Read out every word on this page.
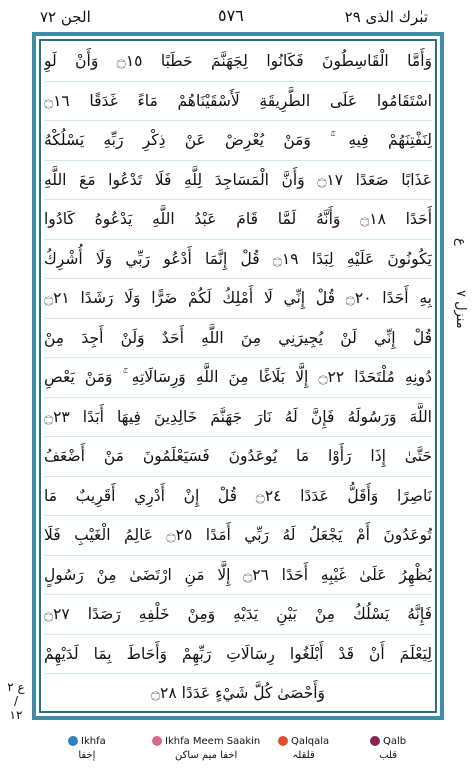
الجن ٧٢	٥٧٦	تبٰرك الذی ٢٩
وَأَمَّا الْقَاسِطُونَ فَكَانُوا لِجَهَنَّمَ حَطَبًا ۝١٥ وَأَنْ لَوِ
اسْتَقَامُوا عَلَى الطَّرِيقَةِ لَأَسْقَيْنَاهُمْ مَاءً غَدَقًا ۝١٦
لِنَفْتِنَهُمْ فِيهِ ۚ وَمَنْ يُعْرِضْ عَنْ ذِكْرِ رَبِّهِ يَسْلُكْهُ
عَذَابًا صَعَدًا ۝١٧ وَأَنَّ الْمَسَاجِدَ لِلَّهِ فَلَا تَدْعُوا مَعَ اللَّهِ
أَحَدًا ۝١٨ وَأَنَّهُ لَمَّا قَامَ عَبْدُ اللَّهِ يَدْعُوهُ كَادُوا
يَكُونُونَ عَلَيْهِ لِبَدًا ۝١٩ قُلْ إِنَّمَا أَدْعُو رَبِّي وَلَا أُشْرِكُ
بِهِ أَحَدًا ۝٢٠ قُلْ إِنِّي لَا أَمْلِكُ لَكُمْ ضَرًّا وَلَا رَشَدًا ۝٢١
قُلْ إِنِّي لَنْ يُجِيرَنِي مِنَ اللَّهِ أَحَدٌ وَلَنْ أَجِدَ مِنْ
دُونِهِ مُلْتَحَدًا ۝٢٢ إِلَّا بَلَاغًا مِنَ اللَّهِ وَرِسَالَاتِهِ ۚ وَمَنْ يَعْصِ
اللَّهَ وَرَسُولَهُ فَإِنَّ لَهُ نَارَ جَهَنَّمَ خَالِدِينَ فِيهَا أَبَدًا ۝٢٣
حَتَّىٰ إِذَا رَأَوْا مَا يُوعَدُونَ فَسَيَعْلَمُونَ مَنْ أَضْعَفُ
نَاصِرًا وَأَقَلُّ عَدَدًا ۝٢٤ قُلْ إِنْ أَدْرِي أَقَرِيبٌ مَا
تُوعَدُونَ أَمْ يَجْعَلُ لَهُ رَبِّي أَمَدًا ۝٢٥ عَالِمُ الْغَيْبِ فَلَا
يُظْهِرُ عَلَىٰ غَيْبِهِ أَحَدًا ۝٢٦ إِلَّا مَنِ ارْتَضَىٰ مِنْ رَسُولٍ
فَإِنَّهُ يَسْلُكُ مِنْ بَيْنِ يَدَيْهِ وَمِنْ خَلْفِهِ رَصَدًا ۝٢٧
لِيَعْلَمَ أَنْ قَدْ أَبْلَغُوا رِسَالَاتِ رَبِّهِمْ وَأَحَاطَ بِمَا لَدَيْهِمْ
وَأَحْصَىٰ كُلَّ شَيْءٍ عَدَدًا ۝٢٨
ع
منزل ٧
ع ٢ / ١٢
Ikhfa
إخفا
Ikhfa Meem Saakin
اخفا میم ساکن
Qalqala
قلقلہ
Qalb
قلب
